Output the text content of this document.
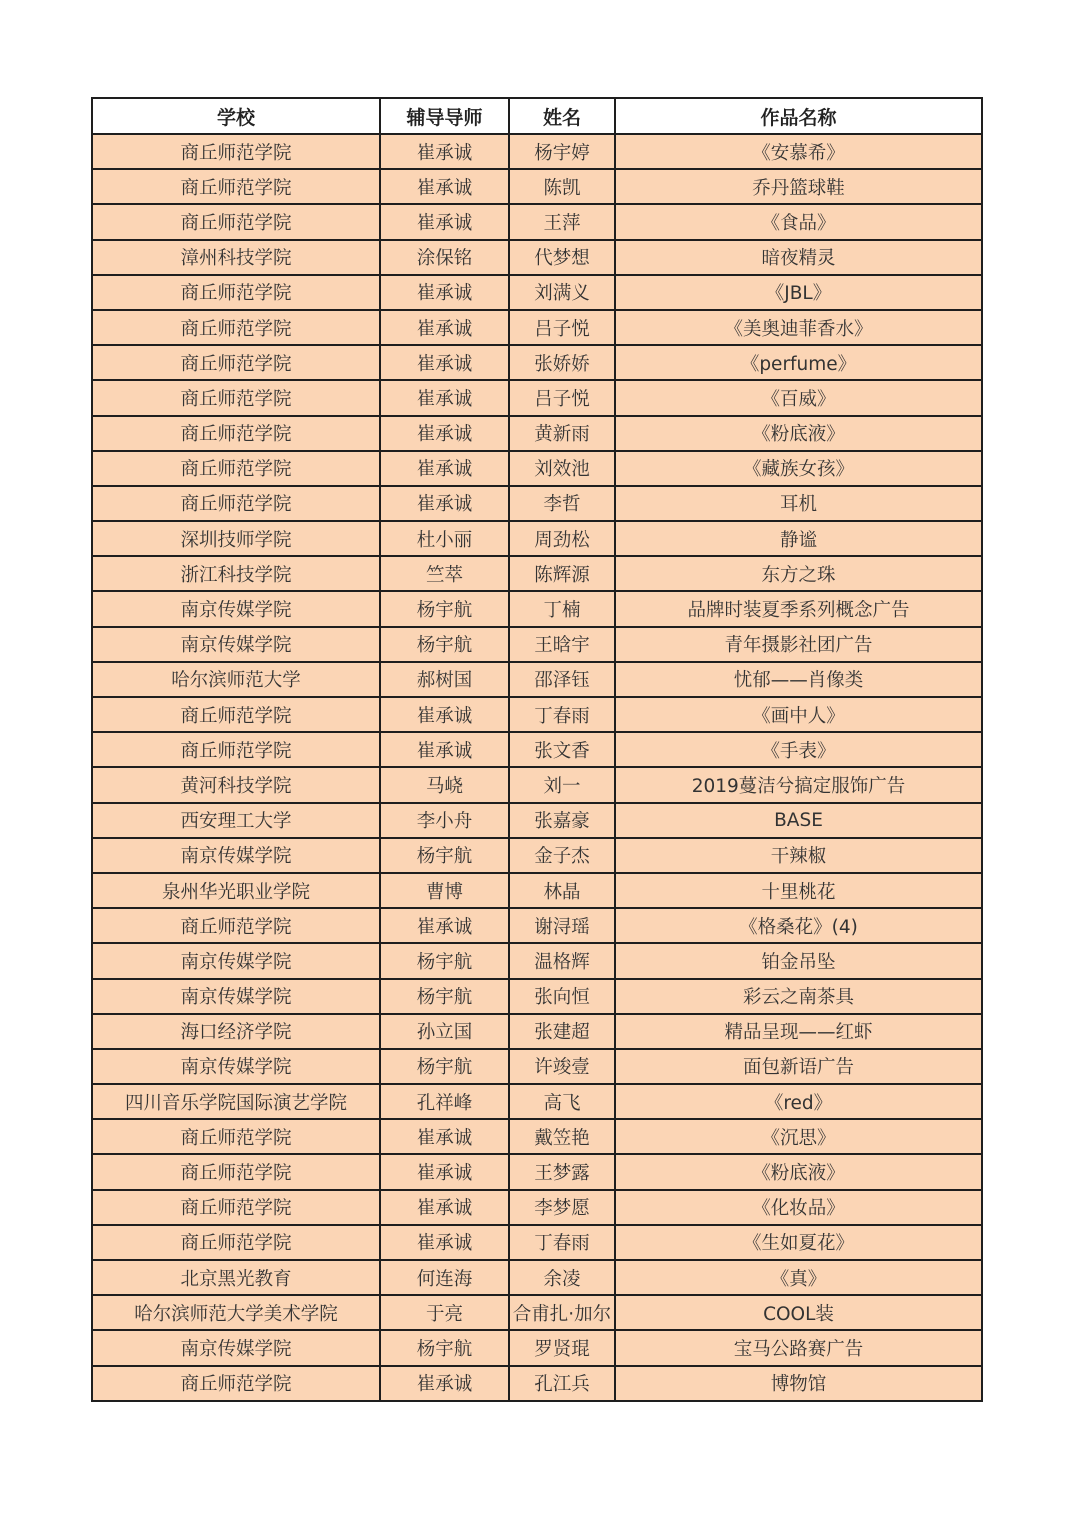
学校	辅导导师	姓名	作品名称
商丘师范学院	崔承诚	杨宇婷	《安慕希》
商丘师范学院	崔承诚	陈凯	乔丹篮球鞋
商丘师范学院	崔承诚	王萍	《食品》
漳州科技学院	涂保铭	代梦想	暗夜精灵
商丘师范学院	崔承诚	刘满义	《JBL》
商丘师范学院	崔承诚	吕子悦	《美奥迪菲香水》
商丘师范学院	崔承诚	张娇娇	《perfume》
商丘师范学院	崔承诚	吕子悦	《百威》
商丘师范学院	崔承诚	黄新雨	《粉底液》
商丘师范学院	崔承诚	刘效池	《藏族女孩》
商丘师范学院	崔承诚	李哲	耳机
深圳技师学院	杜小丽	周劲松	静谧
浙江科技学院	竺萃	陈辉源	东方之珠
南京传媒学院	杨宇航	丁楠	品牌时装夏季系列概念广告
南京传媒学院	杨宇航	王晗宇	青年摄影社团广告
哈尔滨师范大学	郝树国	邵泽钰	忧郁——肖像类
商丘师范学院	崔承诚	丁春雨	《画中人》
商丘师范学院	崔承诚	张文香	《手表》
黄河科技学院	马峣	刘一	2019蔓洁兮搞定服饰广告
西安理工大学	李小舟	张嘉豪	BASE
南京传媒学院	杨宇航	金子杰	干辣椒
泉州华光职业学院	曹博	林晶	十里桃花
商丘师范学院	崔承诚	谢浔瑶	《格桑花》(4)
南京传媒学院	杨宇航	温格辉	铂金吊坠
南京传媒学院	杨宇航	张向恒	彩云之南茶具
海口经济学院	孙立国	张建超	精品呈现——红虾
南京传媒学院	杨宇航	许竣壹	面包新语广告
四川音乐学院国际演艺学院	孔祥峰	高飞	《red》
商丘师范学院	崔承诚	戴笠艳	《沉思》
商丘师范学院	崔承诚	王梦露	《粉底液》
商丘师范学院	崔承诚	李梦愿	《化妆品》
商丘师范学院	崔承诚	丁春雨	《生如夏花》
北京黑光教育	何连海	余凌	《真》
哈尔滨师范大学美术学院	于亮	合甫扎·加尔	COOL装
南京传媒学院	杨宇航	罗贤琨	宝马公路赛广告
商丘师范学院	崔承诚	孔江兵	博物馆
